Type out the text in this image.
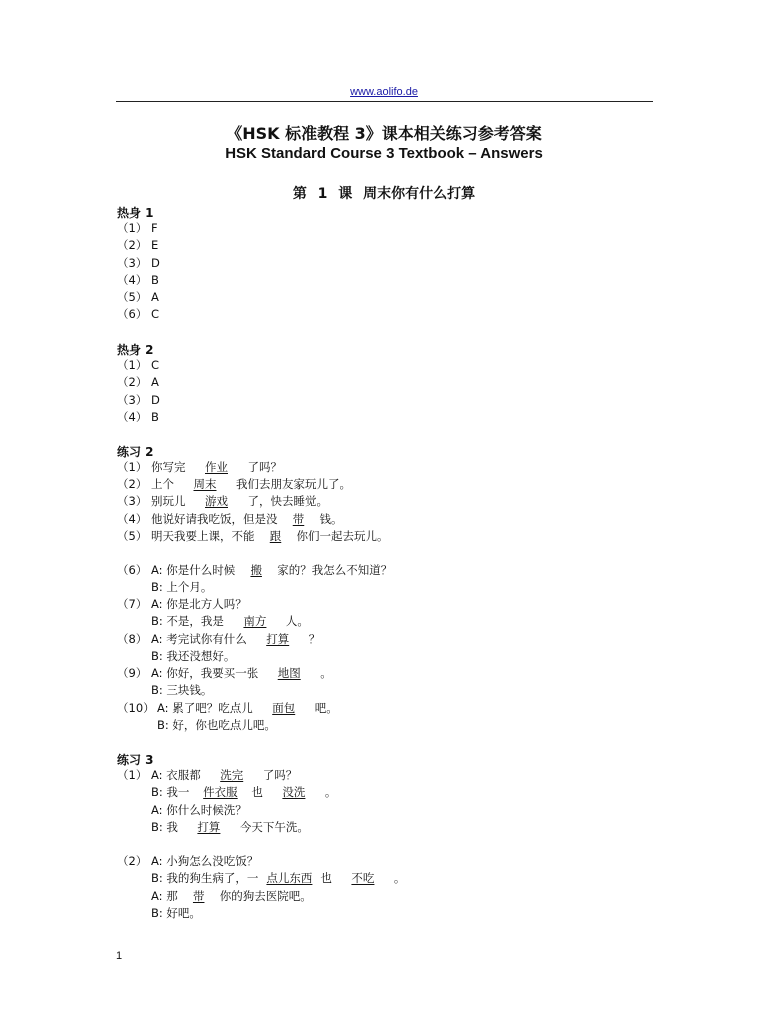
www.aolifo.de
《HSK 标准教程 3》课本相关练习参考答案
HSK Standard Course 3 Textbook – Answers
第 1 课 周末你有什么打算
热身 1
（1） F
（2） E
（3） D
（4） B
（5） A
（6） C
热身 2
（1） C
（2） A
（3） D
（4） B
练习 2
（1） 你写完 作业 了吗？
（2） 上个 周末 我们去朋友家玩儿了。
（3） 别玩儿 游戏 了，快去睡觉。
（4） 他说好请我吃饭，但是没 带 钱。
（5） 明天我要上课，不能 跟 你们一起去玩儿。
（6） A: 你是什么时候 搬 家的？我怎么不知道？
B: 上个月。
（7） A: 你是北方人吗？
B: 不是，我是 南方 人。
（8） A: 考完试你有什么 打算 ？
B: 我还没想好。
（9） A: 你好，我要买一张 地图 。
B: 三块钱。
（10） A: 累了吧？吃点儿 面包 吧。
B: 好，你也吃点儿吧。
练习 3
（1） A: 衣服都 洗完 了吗？
B: 我一 件衣服 也 没洗 。
A: 你什么时候洗？
B: 我 打算 今天下午洗。
（2） A: 小狗怎么没吃饭？
B: 我的狗生病了，一 点儿东西 也 不吃 。
A: 那 带 你的狗去医院吧。
B: 好吧。
1
